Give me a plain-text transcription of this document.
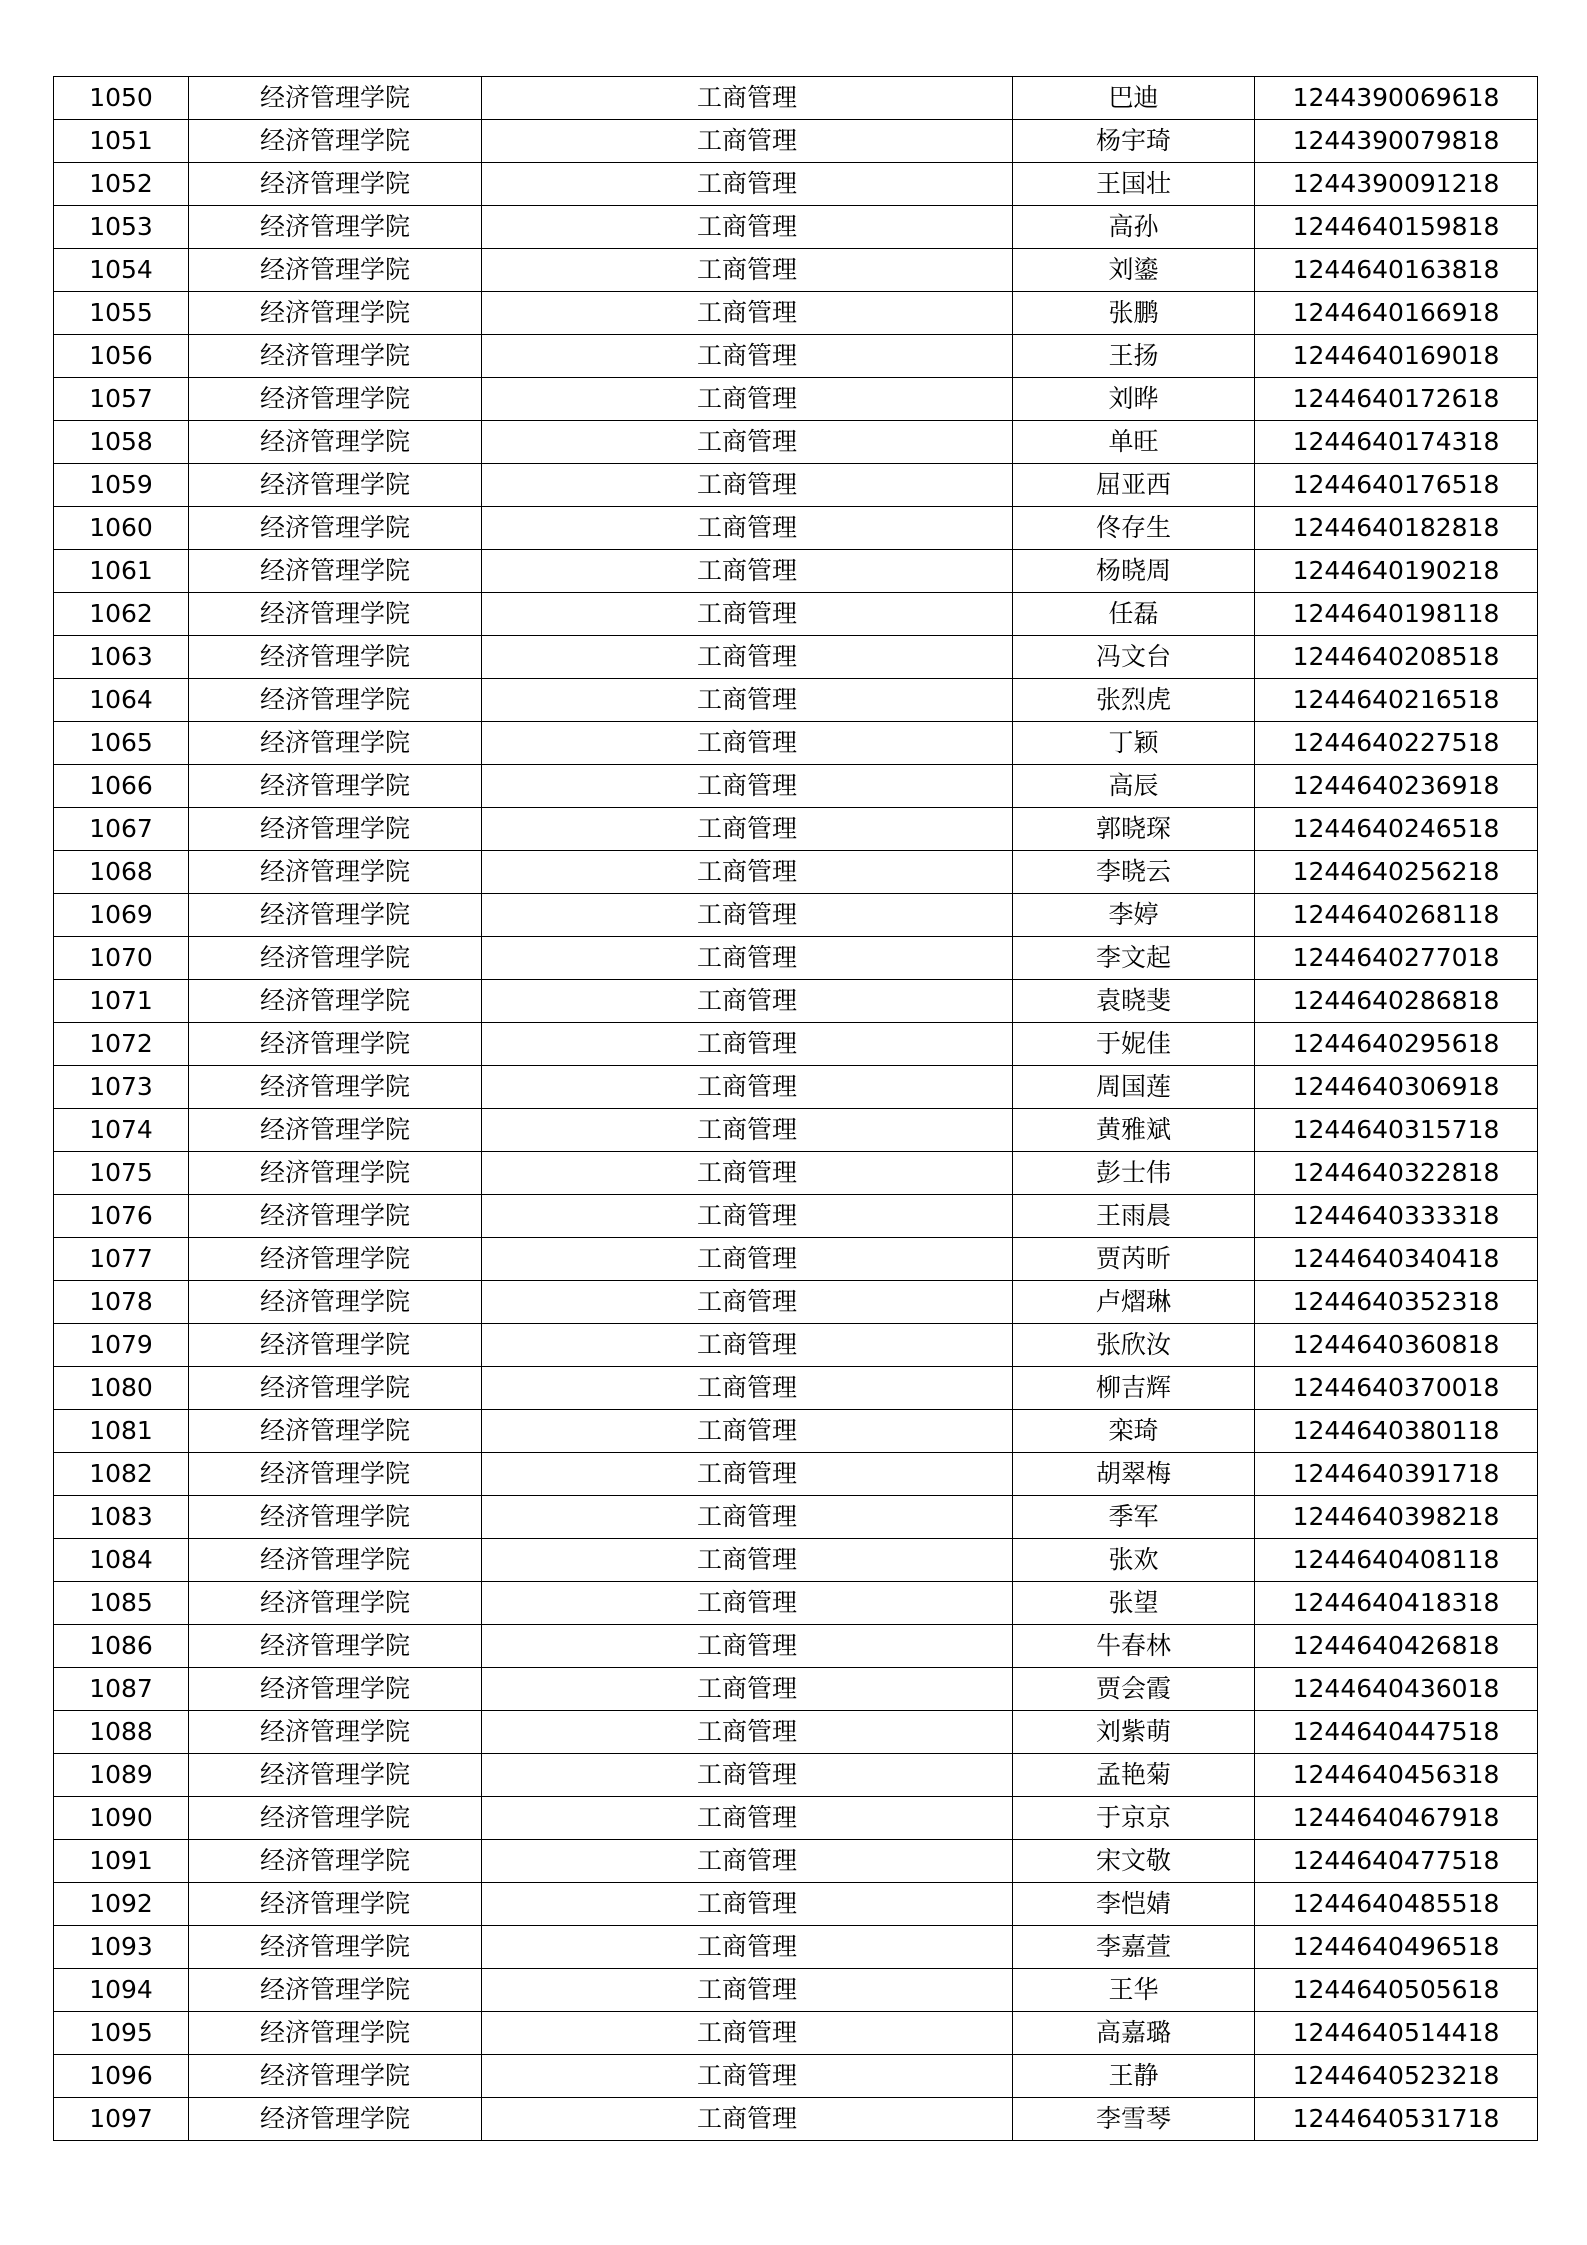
1050	经济管理学院	工商管理	巴迪	1244390069618
1051	经济管理学院	工商管理	杨宇琦	1244390079818
1052	经济管理学院	工商管理	王国壮	1244390091218
1053	经济管理学院	工商管理	高孙	1244640159818
1054	经济管理学院	工商管理	刘鎏	1244640163818
1055	经济管理学院	工商管理	张鹏	1244640166918
1056	经济管理学院	工商管理	王扬	1244640169018
1057	经济管理学院	工商管理	刘晔	1244640172618
1058	经济管理学院	工商管理	单旺	1244640174318
1059	经济管理学院	工商管理	屈亚西	1244640176518
1060	经济管理学院	工商管理	佟存生	1244640182818
1061	经济管理学院	工商管理	杨晓周	1244640190218
1062	经济管理学院	工商管理	任磊	1244640198118
1063	经济管理学院	工商管理	冯文台	1244640208518
1064	经济管理学院	工商管理	张烈虎	1244640216518
1065	经济管理学院	工商管理	丁颖	1244640227518
1066	经济管理学院	工商管理	高辰	1244640236918
1067	经济管理学院	工商管理	郭晓琛	1244640246518
1068	经济管理学院	工商管理	李晓云	1244640256218
1069	经济管理学院	工商管理	李婷	1244640268118
1070	经济管理学院	工商管理	李文起	1244640277018
1071	经济管理学院	工商管理	袁晓斐	1244640286818
1072	经济管理学院	工商管理	于妮佳	1244640295618
1073	经济管理学院	工商管理	周国莲	1244640306918
1074	经济管理学院	工商管理	黄雅斌	1244640315718
1075	经济管理学院	工商管理	彭士伟	1244640322818
1076	经济管理学院	工商管理	王雨晨	1244640333318
1077	经济管理学院	工商管理	贾芮昕	1244640340418
1078	经济管理学院	工商管理	卢熠琳	1244640352318
1079	经济管理学院	工商管理	张欣汝	1244640360818
1080	经济管理学院	工商管理	柳吉辉	1244640370018
1081	经济管理学院	工商管理	栾琦	1244640380118
1082	经济管理学院	工商管理	胡翠梅	1244640391718
1083	经济管理学院	工商管理	季军	1244640398218
1084	经济管理学院	工商管理	张欢	1244640408118
1085	经济管理学院	工商管理	张望	1244640418318
1086	经济管理学院	工商管理	牛春林	1244640426818
1087	经济管理学院	工商管理	贾会霞	1244640436018
1088	经济管理学院	工商管理	刘紫萌	1244640447518
1089	经济管理学院	工商管理	孟艳菊	1244640456318
1090	经济管理学院	工商管理	于京京	1244640467918
1091	经济管理学院	工商管理	宋文敬	1244640477518
1092	经济管理学院	工商管理	李恺婧	1244640485518
1093	经济管理学院	工商管理	李嘉萱	1244640496518
1094	经济管理学院	工商管理	王华	1244640505618
1095	经济管理学院	工商管理	高嘉璐	1244640514418
1096	经济管理学院	工商管理	王静	1244640523218
1097	经济管理学院	工商管理	李雪琴	1244640531718
